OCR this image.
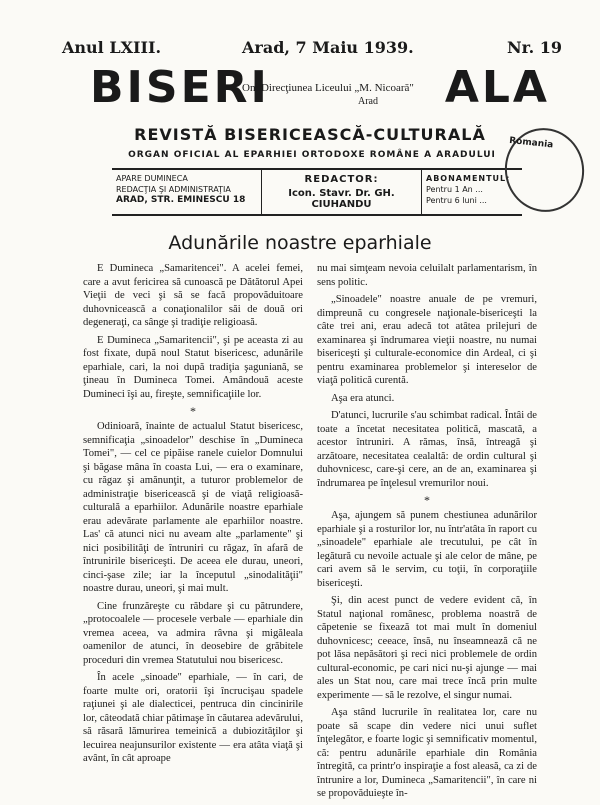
Anul LXIII.	Arad, 7 Maiu 1939.	Nr. 19
BISERI
On. Direcţiunea Liceului „M. Nicoară"
Arad ALA
REVISTĂ BISERICEASCĂ-CULTURALĂ
ORGAN OFICIAL AL EPARHIEI ORTODOXE ROMÂNE A ARADULUI
APARE DUMINECA
REDACŢIA ŞI ADMINISTRAŢIA
ARAD, STR. EMINESCU 18
REDACTOR:
Icon. Stavr. Dr. GH. CIUHANDU
ABONAMENTUL:
Pentru 1 An ...
Pentru 6 luni ...
Romania
Adunările noastre eparhiale

E Dumineca „Samaritencei". A acelei femei, care a avut fericirea să cunoască pe Dătătorul Apei Vieţii de veci şi să se facă propovăduitoare duhovnicească a conaţionalilor săi de două ori degeneraţi, ca sânge şi tradiţie religioasă.

E Dumineca „Samaritencii", şi pe aceasta zi au fost fixate, după noul Statut bisericesc, adunările eparhiale, cari, la noi după tradiţia şaguniană, se ţineau în Dumineca Tomei. Amândouă aceste Dumineci îşi au, fireşte, semnificaţiile lor.

*

Odinioară, înainte de actualul Statut bisericesc, semnificaţia „sinoadelor" deschise în „Dumineca Tomei", — cel ce pipăise ranele cuielor Domnului şi băgase mâna în coasta Lui, — era o examinare, cu răgaz şi amănunţit, a tuturor problemelor de administraţie bisericească şi de viaţă religioasă-culturală a eparhiilor. Adunările noastre eparhiale erau adevărate parlamente ale eparhiilor noastre. Las' că atunci nici nu aveam alte „parlamente" şi nici posibilităţi de întruniri cu răgaz, în afară de întrunirile bisericeşti. De aceea ele durau, uneori, cinci-şase zile; iar la începutul „sinodalităţii" noastre durau, uneori, şi mai mult.

Cine frunzăreşte cu răbdare şi cu pătrundere, „protocoalele — procesele verbale — eparhiale din vremea aceea, va admira râvna şi migăleala oamenilor de atunci, în deosebire de grăbitele proceduri din vremea Statutului nou bisericesc.

În acele „sinoade" eparhiale, — în cari, de foarte multe ori, oratorii îşi încrucişau spadele raţiunei şi ale dialecticei, pentruca din cincinirile lor, câteodată chiar pătimaşe în căutarea adevărului, să răsară lămurirea temeinică a dubiozităţilor şi lecuirea neajunsurilor existente — era atâta viaţă şi avânt, în cât aproape

nu mai simţeam nevoia celuilalt parlamentarism, în sens politic.

„Sinoadele" noastre anuale de pe vremuri, dimpreună cu congresele naţionale-bisericeşti la câte trei ani, erau adecă tot atâtea prilejuri de examinarea şi îndrumarea vieţii noastre, nu numai bisericeşti şi culturale-economice din Ardeal, ci şi pentru examinarea problemelor şi intereselor de viaţă politică curentă.

Aşa era atunci.

D'atunci, lucrurile s'au schimbat radical. Întâi de toate a încetat necesitatea politică, mascată, a acestor întruniri. A rămas, însă, întreagă şi arzătoare, necesitatea cealaltă: de ordin cultural şi duhovnicesc, care-şi cere, an de an, examinarea şi îndrumarea pe înţelesul vremurilor noui.

*

Aşa, ajungem să punem chestiunea adunărilor eparhiale şi a rosturilor lor, nu într'atâta în raport cu „sinoadele" eparhiale ale trecutului, pe cât în legătură cu nevoile actuale şi ale celor de mâne, pe cari avem să le servim, cu toţii, în corporaţiile bisericeşti.

Şi, din acest punct de vedere evident că, în Statul naţional românesc, problema noastră de căpetenie se fixează tot mai mult în domeniul duhovnicesc; ceeace, însă, nu înseamnează că ne pot lăsa nepăsători şi reci nici problemele de ordin cultural-economic, pe cari nici nu-şi ajunge — mai ales un Stat nou, care mai trece încă prin multe experimente — să le rezolve, el singur numai.

Aşa stând lucrurile în realitatea lor, care nu poate să scape din vedere nici unui suflet înţelegător, e foarte logic şi semnificativ momentul, că: pentru adunările eparhiale din România întregită, ca printr'o inspiraţie a fost aleasă, ca zi de întrunire a lor, Dumineca „Samaritencii", în care ni se propovăduieşte în-
